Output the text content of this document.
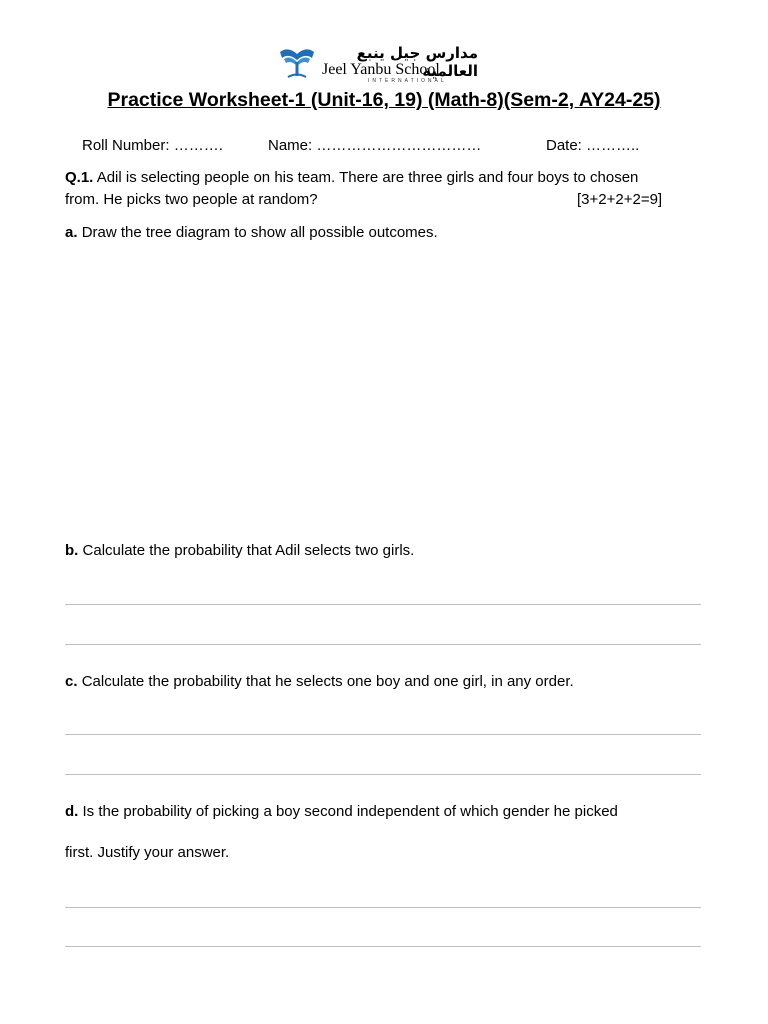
مدارس جيل ينبع العالمية
Jeel Yanbu School
INTERNATIONAL
Practice Worksheet-1 (Unit-16, 19) (Math-8)(Sem-2, AY24-25)
Roll Number: ……….	Name: ……………………………	Date: ………..
Q.1. Adil is selecting people on his team. There are three girls and four boys to chosen
from. He picks two people at random?	[3+2+2+2=9]
a. Draw the tree diagram to show all possible outcomes.
b. Calculate the probability that Adil selects two girls.
c. Calculate the probability that he selects one boy and one girl, in any order.
d. Is the probability of picking a boy second independent of which gender he picked
first. Justify your answer.
